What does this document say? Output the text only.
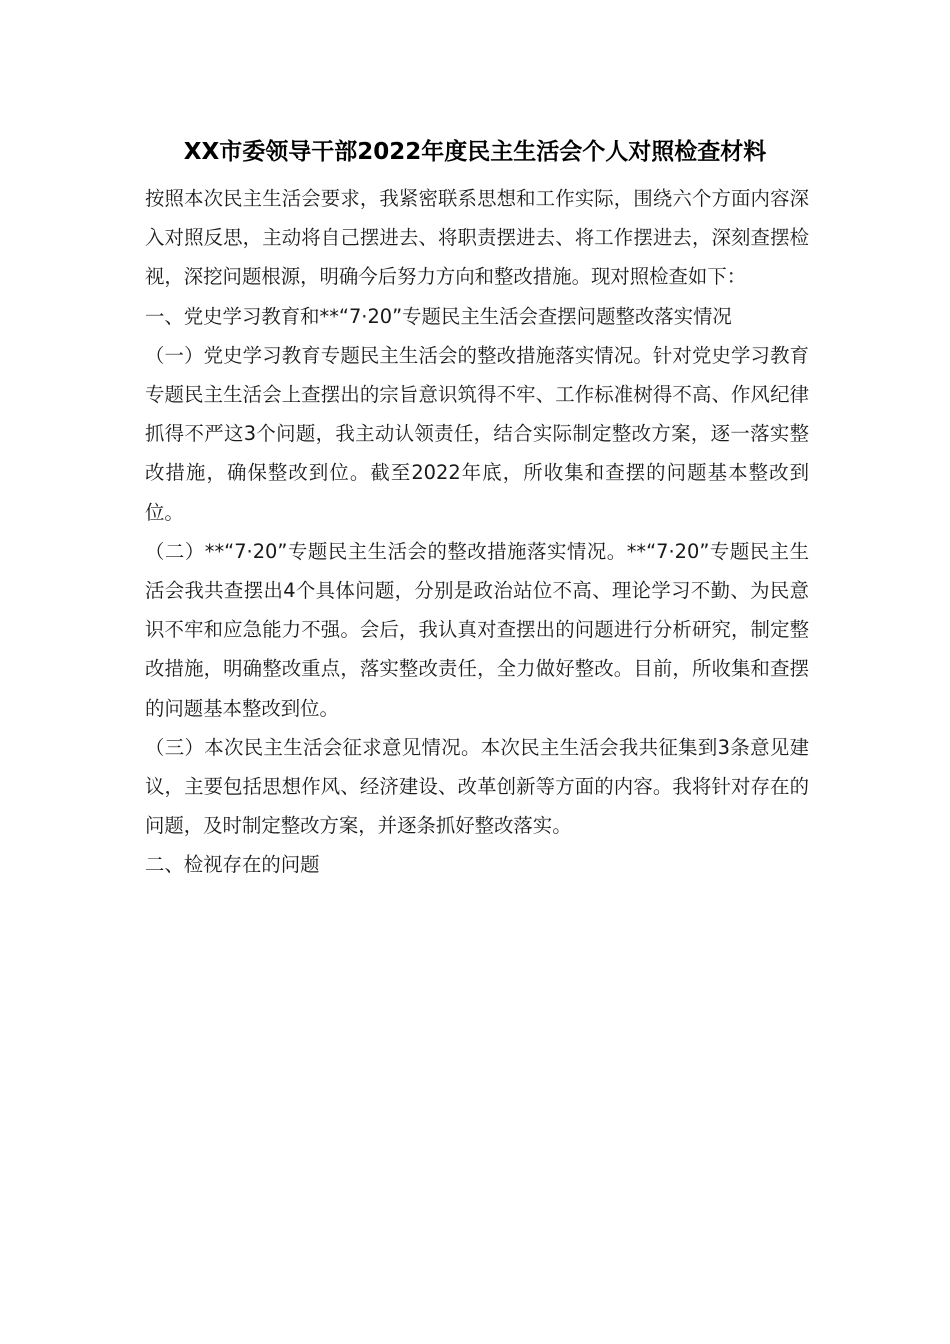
XX市委领导干部2022年度民主生活会个人对照检查材料

按照本次民主生活会要求，我紧密联系思想和工作实际，围绕六个方面内容深入对照反思，主动将自己摆进去、将职责摆进去、将工作摆进去，深刻查摆检视，深挖问题根源，明确今后努力方向和整改措施。现对照检查如下：

一、党史学习教育和**“7·20”专题民主生活会查摆问题整改落实情况

（一）党史学习教育专题民主生活会的整改措施落实情况。针对党史学习教育专题民主生活会上查摆出的宗旨意识筑得不牢、工作标准树得不高、作风纪律抓得不严这3个问题，我主动认领责任，结合实际制定整改方案，逐一落实整改措施，确保整改到位。截至2022年底，所收集和查摆的问题基本整改到位。

（二）**“7·20”专题民主生活会的整改措施落实情况。**“7·20”专题民主生活会我共查摆出4个具体问题，分别是政治站位不高、理论学习不勤、为民意识不牢和应急能力不强。会后，我认真对查摆出的问题进行分析研究，制定整改措施，明确整改重点，落实整改责任，全力做好整改。目前，所收集和查摆的问题基本整改到位。

（三）本次民主生活会征求意见情况。本次民主生活会我共征集到3条意见建议，主要包括思想作风、经济建设、改革创新等方面的内容。我将针对存在的问题，及时制定整改方案，并逐条抓好整改落实。

二、检视存在的问题
